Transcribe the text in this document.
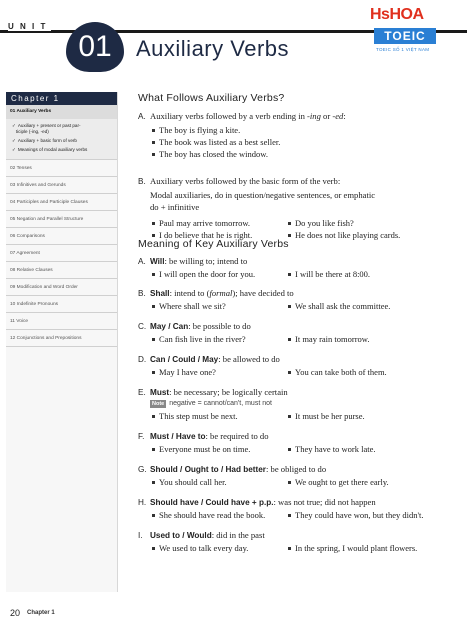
U N I T
01	Auxiliary Verbs
HsHOA
TOEIC
TOEIC SỐ 1 VIỆT NAM
Chapter 1
01 Auxiliary Verbs
✓ Auxiliary + present or past par-
ticiple (-ing, -ed)
✓ Auxiliary + basic form of verb
✓ Meanings of modal auxiliary verbs
02 Tenses
03 Infinitives and Gerunds
04 Participles and Participle Clauses
05 Negation and Parallel Structure
06 Comparisons
07 Agreement
08 Relative Clauses
09 Modification and Word Order
10 Indefinite Pronouns
11 Voice
12 Conjunctions and Prepositions
What Follows Auxiliary Verbs?
A. Auxiliary verbs followed by a verb ending in -ing or -ed:
The boy is flying a kite.
The book was listed as a best seller.
The boy has closed the window.
B. Auxiliary verbs followed by the basic form of the verb:
Modal auxiliaries, do in question/negative sentences, or emphatic
do + infinitive
Paul may arrive tomorrow.	Do you like fish?
I do believe that he is right.	He does not like playing cards.
Meaning of Key Auxiliary Verbs
A. Will: be willing to; intend to
I will open the door for you.	I will be there at 8:00.
B. Shall: intend to (formal); have decided to
Where shall we sit?	We shall ask the committee.
C. May / Can: be possible to do
Can fish live in the river?	It may rain tomorrow.
D. Can / Could / May: be allowed to do
May I have one?	You can take both of them.
E. Must: be necessary; be logically certain
Note negative = cannot/can't, must not
This step must be next.	It must be her purse.
F. Must / Have to: be required to do
Everyone must be on time.	They have to work late.
G. Should / Ought to / Had better: be obliged to do
You should call her.	We ought to get there early.
H. Should have / Could have + p.p.: was not true; did not happen
She should have read the book.	They could have won, but they didn't.
I. Used to / Would: did in the past
We used to talk every day.	In the spring, I would plant flowers.
20 Chapter 1
